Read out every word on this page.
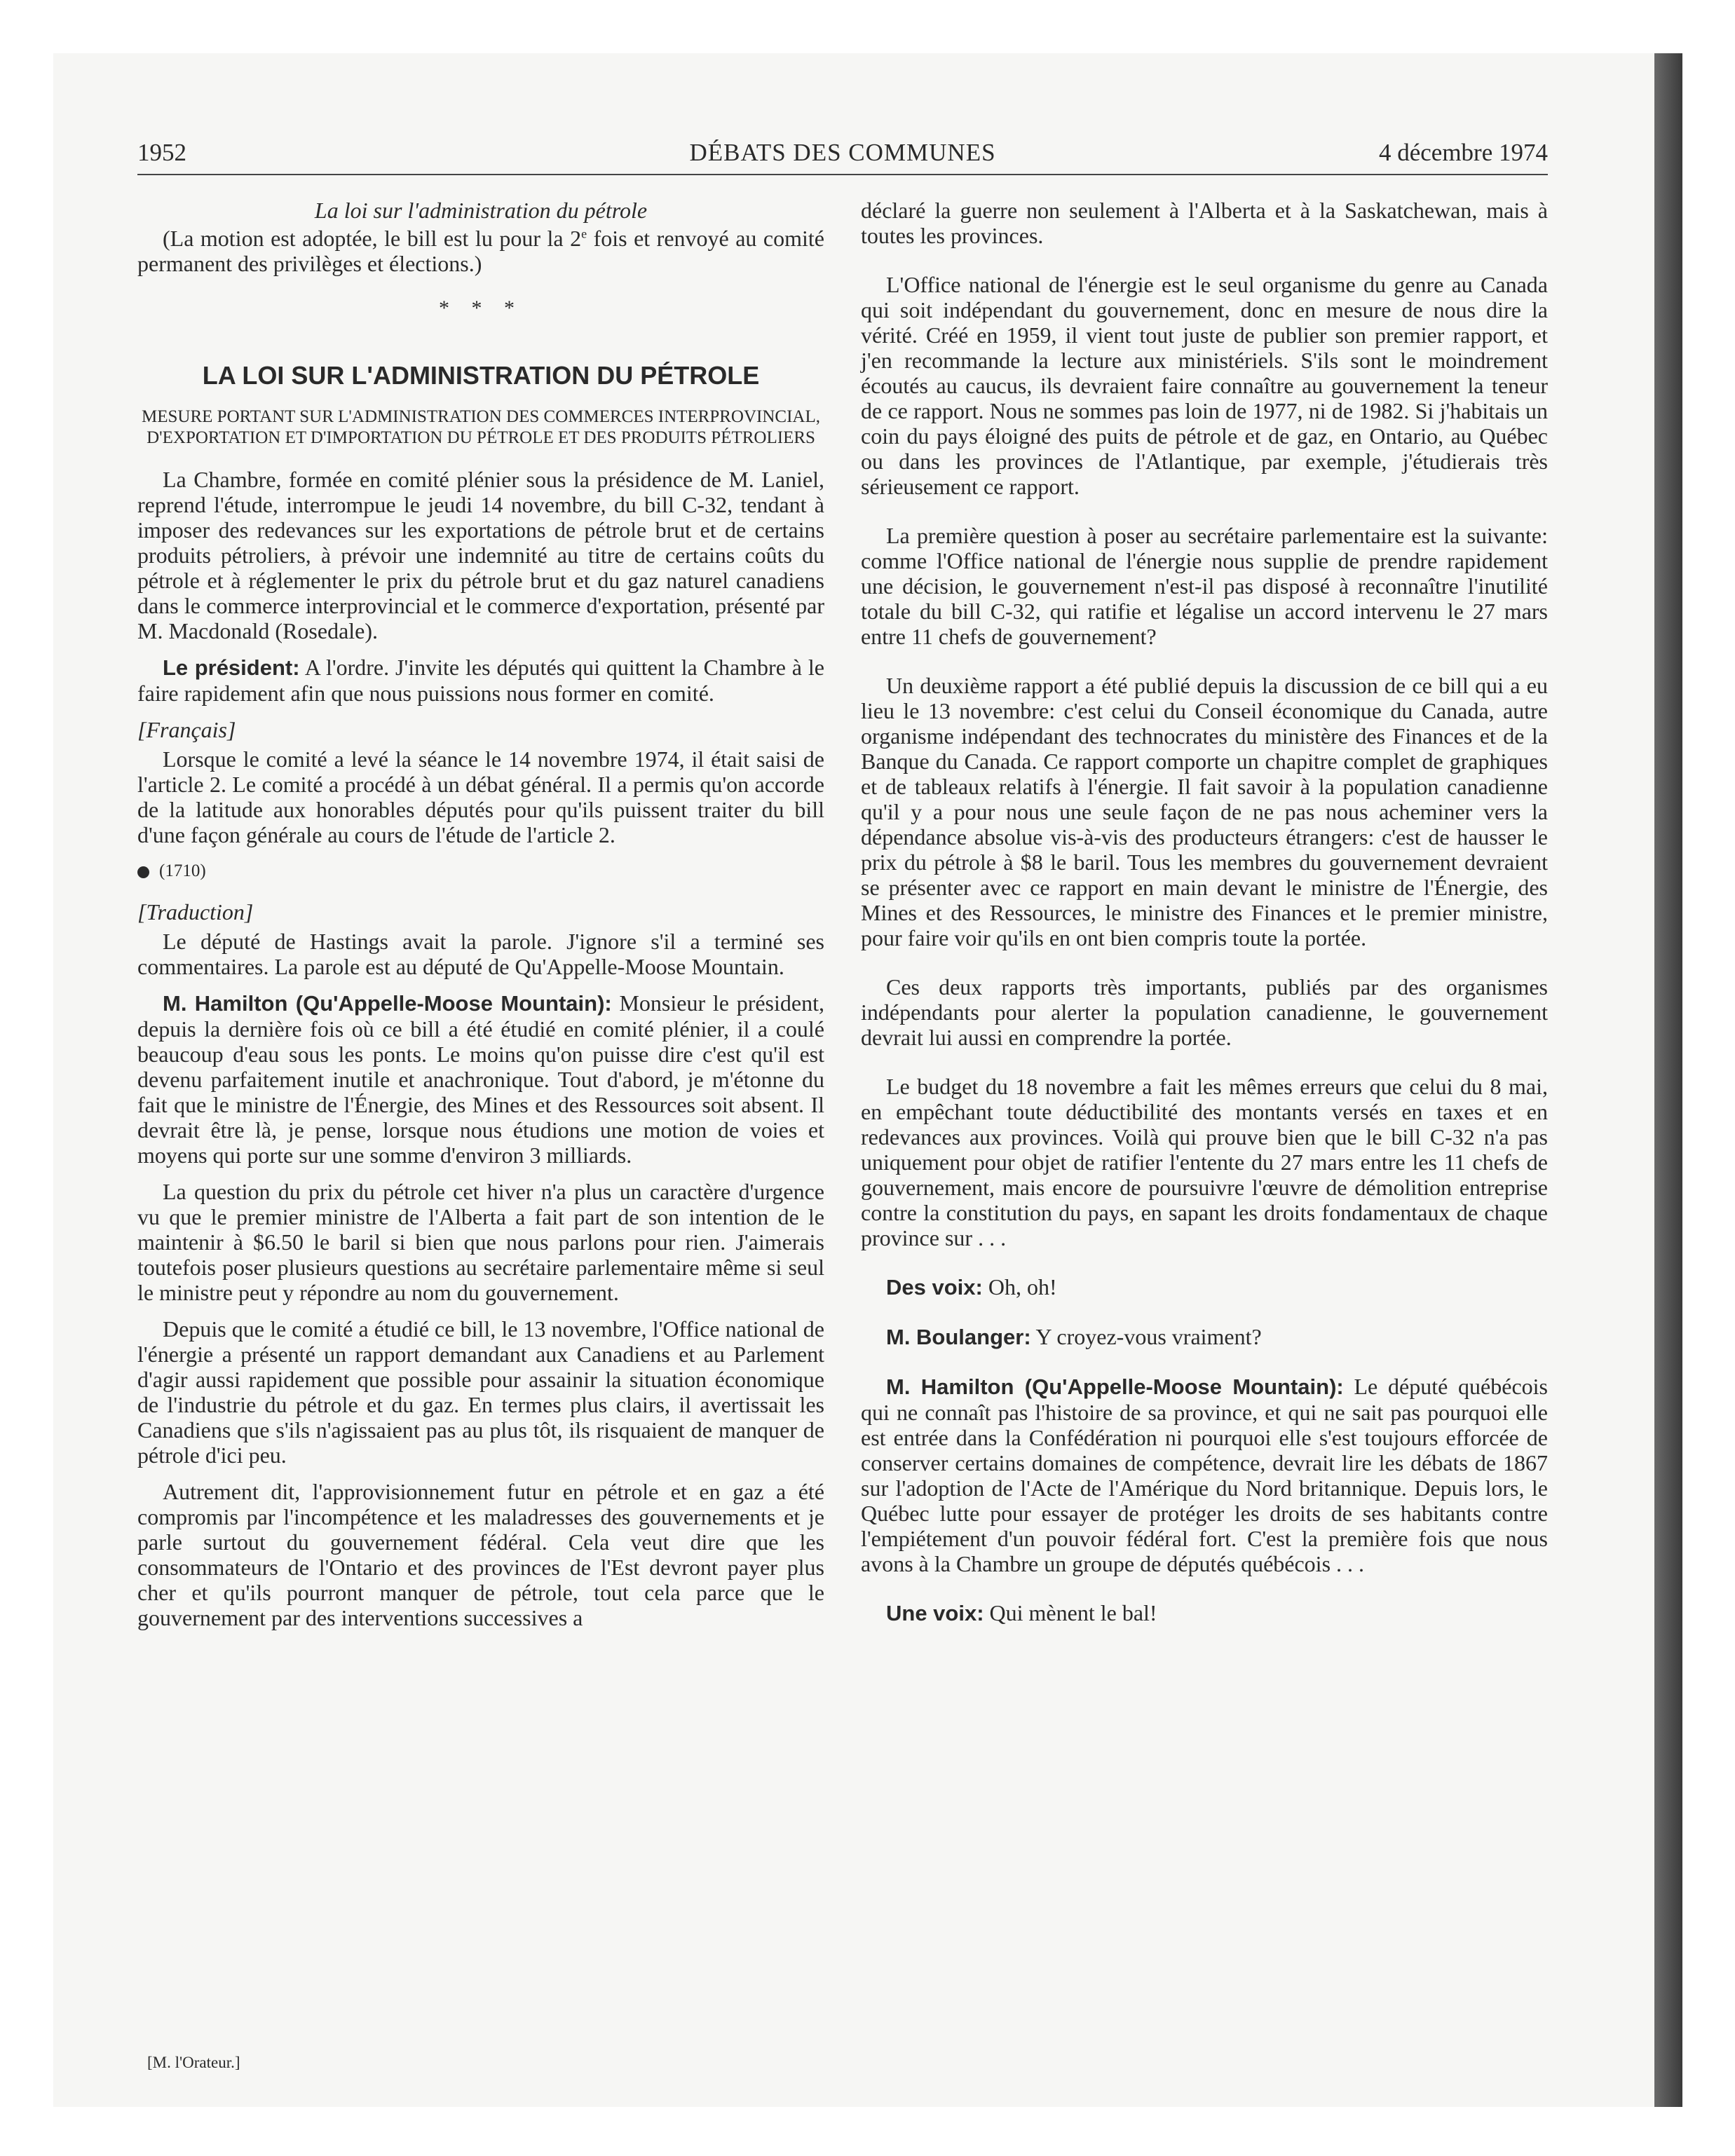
1952	DÉBATS DES COMMUNES	4 décembre 1974

La loi sur l'administration du pétrole

(La motion est adoptée, le bill est lu pour la 2e fois et renvoyé au comité permanent des privilèges et élections.)

* * *

LA LOI SUR L'ADMINISTRATION DU PÉTROLE

MESURE PORTANT SUR L'ADMINISTRATION DES COMMERCES INTERPROVINCIAL, D'EXPORTATION ET D'IMPORTATION DU PÉTROLE ET DES PRODUITS PÉTROLIERS

La Chambre, formée en comité plénier sous la présidence de M. Laniel, reprend l'étude, interrompue le jeudi 14 novembre, du bill C-32, tendant à imposer des redevances sur les exportations de pétrole brut et de certains produits pétroliers, à prévoir une indemnité au titre de certains coûts du pétrole et à réglementer le prix du pétrole brut et du gaz naturel canadiens dans le commerce interprovincial et le commerce d'exportation, présenté par M. Macdonald (Rosedale).

Le président: A l'ordre. J'invite les députés qui quittent la Chambre à le faire rapidement afin que nous puissions nous former en comité.

[Français]

Lorsque le comité a levé la séance le 14 novembre 1974, il était saisi de l'article 2. Le comité a procédé à un débat général. Il a permis qu'on accorde de la latitude aux honorables députés pour qu'ils puissent traiter du bill d'une façon générale au cours de l'étude de l'article 2.

(1710)

[Traduction]

Le député de Hastings avait la parole. J'ignore s'il a terminé ses commentaires. La parole est au député de Qu'Appelle-Moose Mountain.

M. Hamilton (Qu'Appelle-Moose Mountain): Monsieur le président, depuis la dernière fois où ce bill a été étudié en comité plénier, il a coulé beaucoup d'eau sous les ponts. Le moins qu'on puisse dire c'est qu'il est devenu parfaitement inutile et anachronique. Tout d'abord, je m'étonne du fait que le ministre de l'Énergie, des Mines et des Ressources soit absent. Il devrait être là, je pense, lorsque nous étudions une motion de voies et moyens qui porte sur une somme d'environ 3 milliards.

La question du prix du pétrole cet hiver n'a plus un caractère d'urgence vu que le premier ministre de l'Alberta a fait part de son intention de le maintenir à $6.50 le baril si bien que nous parlons pour rien. J'aimerais toutefois poser plusieurs questions au secrétaire parlementaire même si seul le ministre peut y répondre au nom du gouvernement.

Depuis que le comité a étudié ce bill, le 13 novembre, l'Office national de l'énergie a présenté un rapport demandant aux Canadiens et au Parlement d'agir aussi rapidement que possible pour assainir la situation économique de l'industrie du pétrole et du gaz. En termes plus clairs, il avertissait les Canadiens que s'ils n'agissaient pas au plus tôt, ils risquaient de manquer de pétrole d'ici peu.

Autrement dit, l'approvisionnement futur en pétrole et en gaz a été compromis par l'incompétence et les maladresses des gouvernements et je parle surtout du gouvernement fédéral. Cela veut dire que les consommateurs de l'Ontario et des provinces de l'Est devront payer plus cher et qu'ils pourront manquer de pétrole, tout cela parce que le gouvernement par des interventions successives a

déclaré la guerre non seulement à l'Alberta et à la Saskatchewan, mais à toutes les provinces.

L'Office national de l'énergie est le seul organisme du genre au Canada qui soit indépendant du gouvernement, donc en mesure de nous dire la vérité. Créé en 1959, il vient tout juste de publier son premier rapport, et j'en recommande la lecture aux ministériels. S'ils sont le moindrement écoutés au caucus, ils devraient faire connaître au gouvernement la teneur de ce rapport. Nous ne sommes pas loin de 1977, ni de 1982. Si j'habitais un coin du pays éloigné des puits de pétrole et de gaz, en Ontario, au Québec ou dans les provinces de l'Atlantique, par exemple, j'étudierais très sérieusement ce rapport.

La première question à poser au secrétaire parlementaire est la suivante: comme l'Office national de l'énergie nous supplie de prendre rapidement une décision, le gouvernement n'est-il pas disposé à reconnaître l'inutilité totale du bill C-32, qui ratifie et légalise un accord intervenu le 27 mars entre 11 chefs de gouvernement?

Un deuxième rapport a été publié depuis la discussion de ce bill qui a eu lieu le 13 novembre: c'est celui du Conseil économique du Canada, autre organisme indépendant des technocrates du ministère des Finances et de la Banque du Canada. Ce rapport comporte un chapitre complet de graphiques et de tableaux relatifs à l'énergie. Il fait savoir à la population canadienne qu'il y a pour nous une seule façon de ne pas nous acheminer vers la dépendance absolue vis-à-vis des producteurs étrangers: c'est de hausser le prix du pétrole à $8 le baril. Tous les membres du gouvernement devraient se présenter avec ce rapport en main devant le ministre de l'Énergie, des Mines et des Ressources, le ministre des Finances et le premier ministre, pour faire voir qu'ils en ont bien compris toute la portée.

Ces deux rapports très importants, publiés par des organismes indépendants pour alerter la population canadienne, le gouvernement devrait lui aussi en comprendre la portée.

Le budget du 18 novembre a fait les mêmes erreurs que celui du 8 mai, en empêchant toute déductibilité des montants versés en taxes et en redevances aux provinces. Voilà qui prouve bien que le bill C-32 n'a pas uniquement pour objet de ratifier l'entente du 27 mars entre les 11 chefs de gouvernement, mais encore de poursuivre l'œuvre de démolition entreprise contre la constitution du pays, en sapant les droits fondamentaux de chaque province sur . . .

Des voix: Oh, oh!

M. Boulanger: Y croyez-vous vraiment?

M. Hamilton (Qu'Appelle-Moose Mountain): Le député québécois qui ne connaît pas l'histoire de sa province, et qui ne sait pas pourquoi elle est entrée dans la Confédération ni pourquoi elle s'est toujours efforcée de conserver certains domaines de compétence, devrait lire les débats de 1867 sur l'adoption de l'Acte de l'Amérique du Nord britannique. Depuis lors, le Québec lutte pour essayer de protéger les droits de ses habitants contre l'empiétement d'un pouvoir fédéral fort. C'est la première fois que nous avons à la Chambre un groupe de députés québécois . . .

Une voix: Qui mènent le bal!

[M. l'Orateur.]
